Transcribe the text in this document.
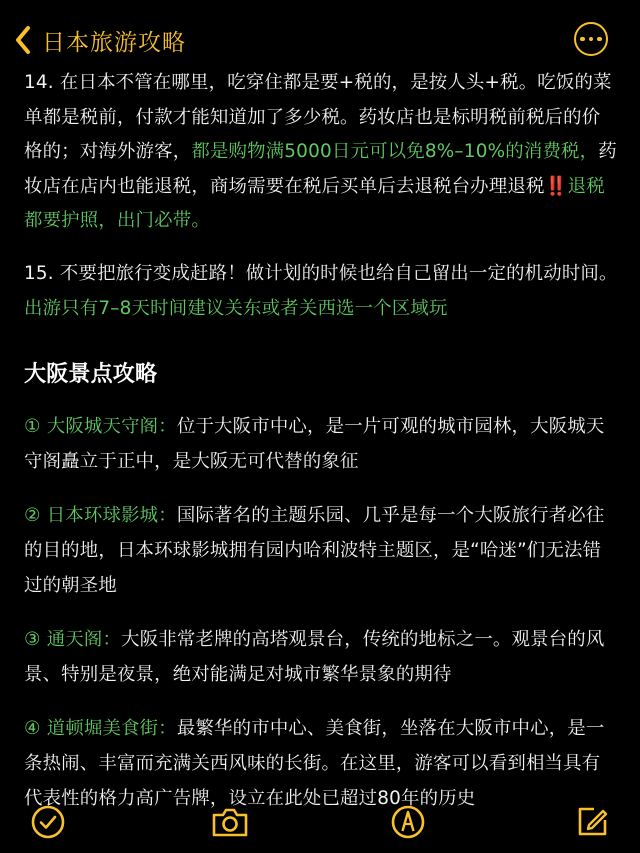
日本旅游攻略

14. 在日本不管在哪里，吃穿住都是要+税的，是按人头+税。吃饭的菜单都是税前，付款才能知道加了多少税。药妆店也是标明税前税后的价格的；对海外游客，都是购物满5000日元可以免8%–10%的消费税，药妆店在店内也能退税，商场需要在税后买单后去退税台办理退税‼️退税都要护照，出门必带。

15. 不要把旅行变成赶路！做计划的时候也给自己留出一定的机动时间。出游只有7–8天时间建议关东或者关西选一个区域玩

大阪景点攻略

① 大阪城天守阁：位于大阪市中心，是一片可观的城市园林，大阪城天守阁矗立于正中，是大阪无可代替的象征

② 日本环球影城：国际著名的主题乐园、几乎是每一个大阪旅行者必往的目的地，日本环球影城拥有园内哈利波特主题区，是“哈迷”们无法错过的朝圣地

③ 通天阁：大阪非常老牌的高塔观景台，传统的地标之一。观景台的风景、特别是夜景，绝对能满足对城市繁华景象的期待

④ 道顿堀美食街：最繁华的市中心、美食街，坐落在大阪市中心，是一条热闹、丰富而充满关西风味的长街。在这里，游客可以看到相当具有代表性的格力高广告牌，设立在此处已超过80年的历史
